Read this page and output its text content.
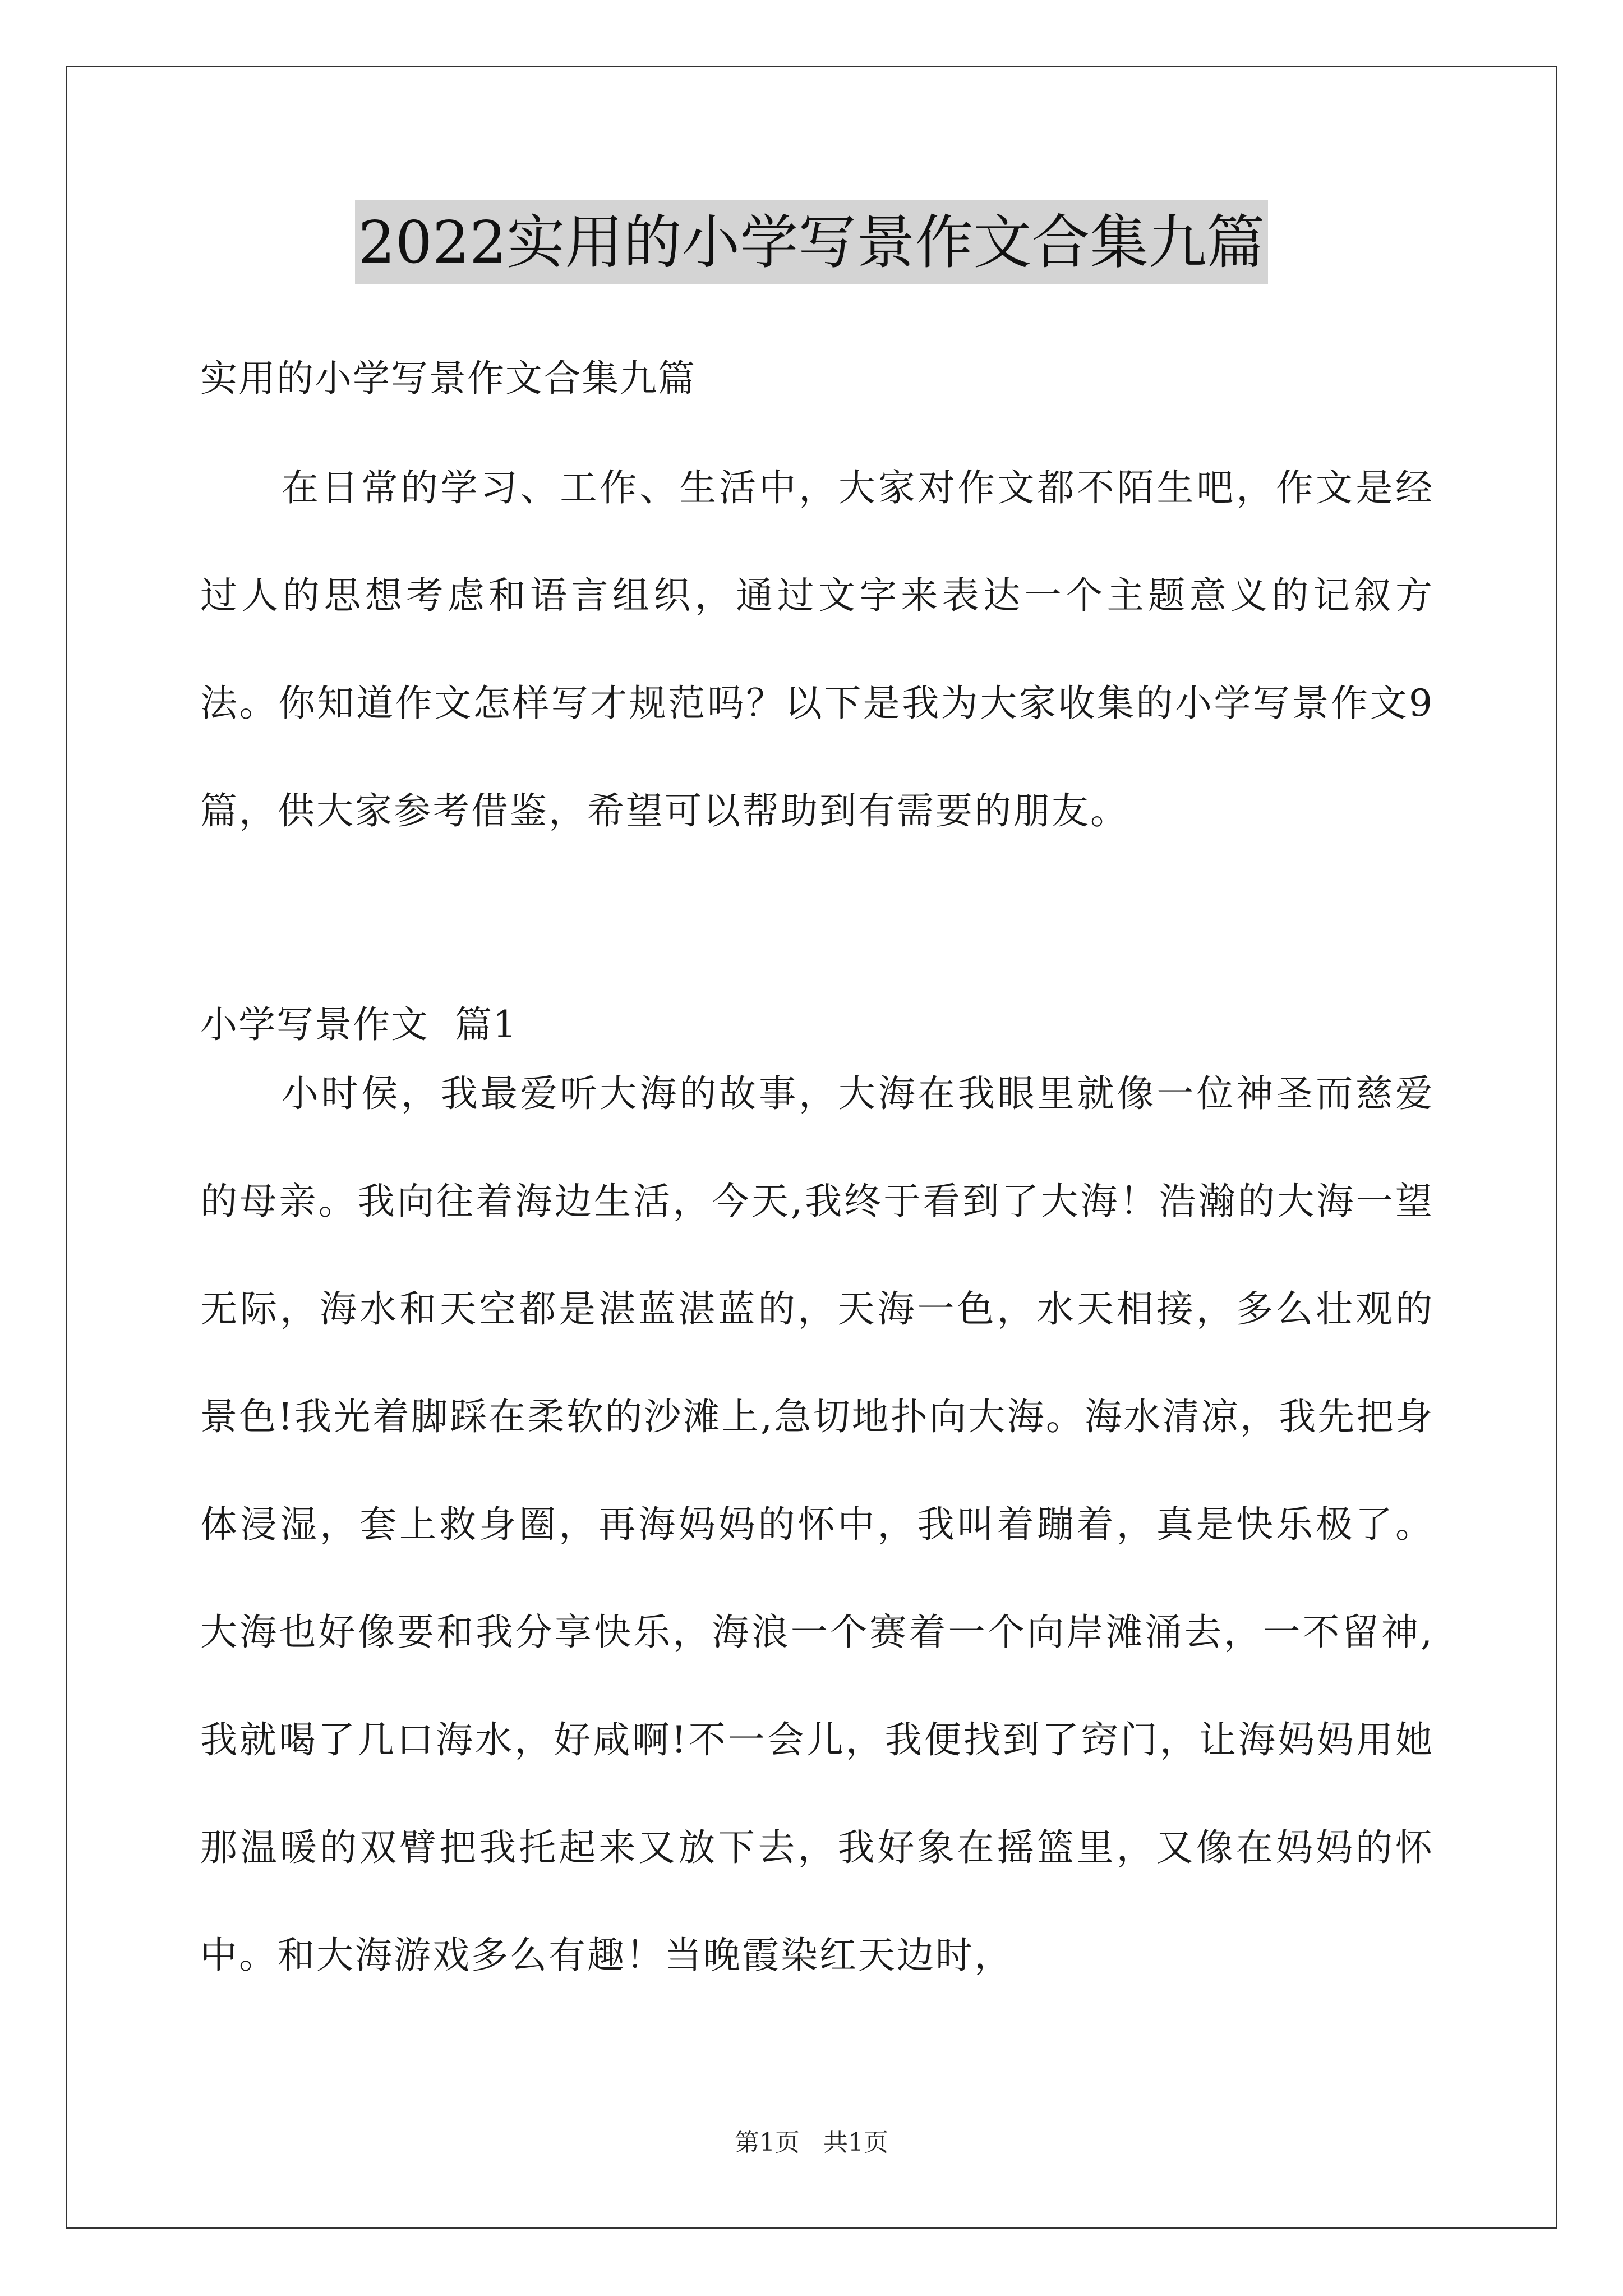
2022实用的小学写景作文合集九篇
实用的小学写景作文合集九篇

在日常的学习、工作、生活中，大家对作文都不陌生吧，作文是经过人的思想考虑和语言组织，通过文字来表达一个主题意义的记叙方法。你知道作文怎样写才规范吗？以下是我为大家收集的小学写景作文9篇，供大家参考借鉴，希望可以帮助到有需要的朋友。

小学写景作文  篇1

小时侯，我最爱听大海的故事，大海在我眼里就像一位神圣而慈爱的母亲。我向往着海边生活，今天,我终于看到了大海！浩瀚的大海一望无际，海水和天空都是湛蓝湛蓝的，天海一色，水天相接，多么壮观的景色!我光着脚踩在柔软的沙滩上,急切地扑向大海。海水清凉，我先把身体浸湿，套上救身圈，再海妈妈的怀中，我叫着蹦着，真是快乐极了。大海也好像要和我分享快乐，海浪一个赛着一个向岸滩涌去，一不留神,我就喝了几口海水，好咸啊!不一会儿，我便找到了窍门，让海妈妈用她那温暖的双臂把我托起来又放下去，我好象在摇篮里，又像在妈妈的怀中。和大海游戏多么有趣！当晚霞染红天边时，

第1页 共1页
